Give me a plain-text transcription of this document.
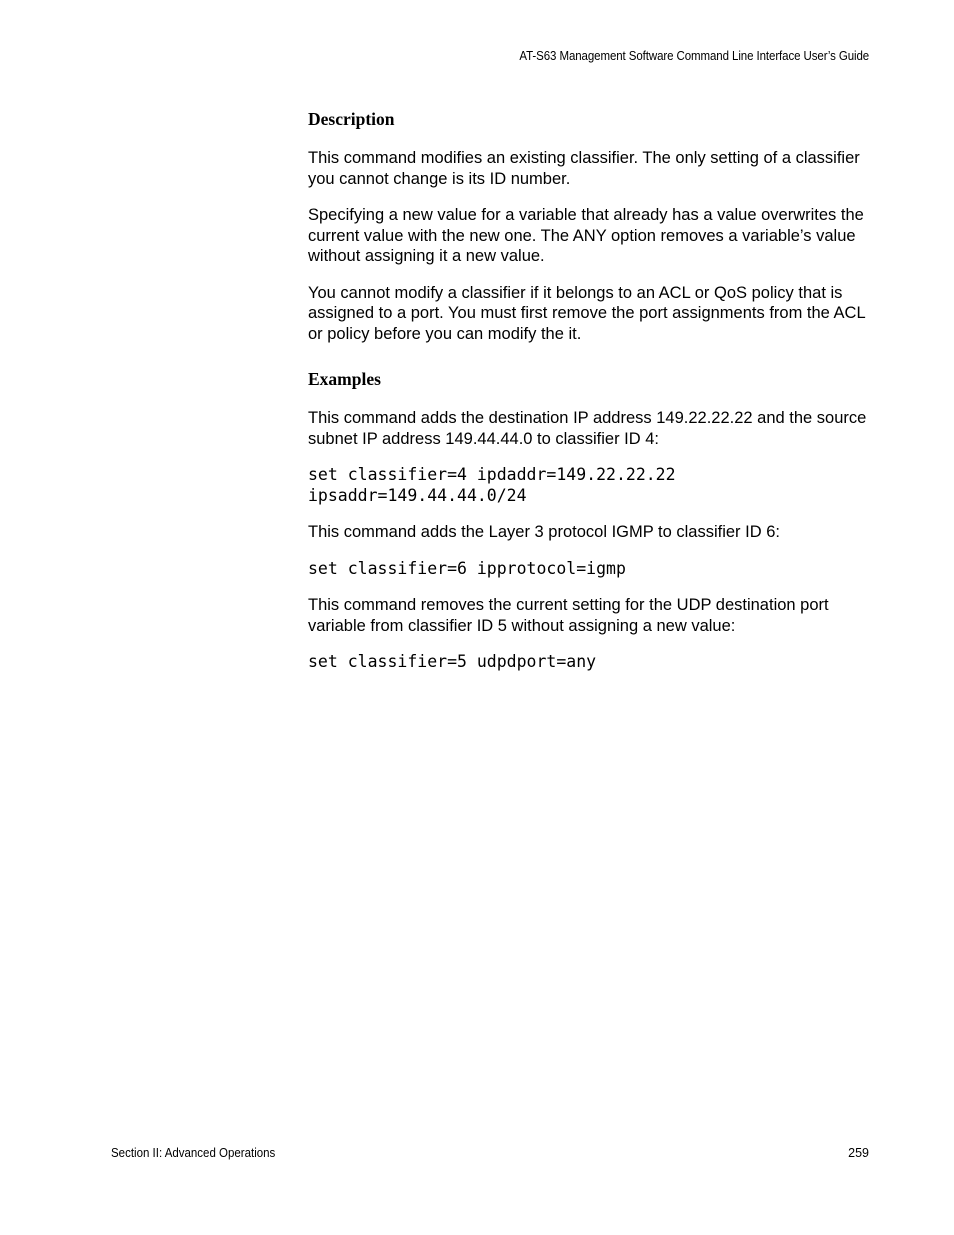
AT-S63 Management Software Command Line Interface User’s Guide
Description

This command modifies an existing classifier. The only setting of a classifier you cannot change is its ID number.

Specifying a new value for a variable that already has a value overwrites the current value with the new one. The ANY option removes a variable’s value without assigning it a new value.

You cannot modify a classifier if it belongs to an ACL or QoS policy that is assigned to a port. You must first remove the port assignments from the ACL or policy before you can modify the it.

Examples

This command adds the destination IP address 149.22.22.22 and the source subnet IP address 149.44.44.0 to classifier ID 4:

set classifier=4 ipdaddr=149.22.22.22
ipsaddr=149.44.44.0/24

This command adds the Layer 3 protocol IGMP to classifier ID 6:

set classifier=6 ipprotocol=igmp

This command removes the current setting for the UDP destination port variable from classifier ID 5 without assigning a new value:

set classifier=5 udpdport=any
Section II: Advanced Operations	259
